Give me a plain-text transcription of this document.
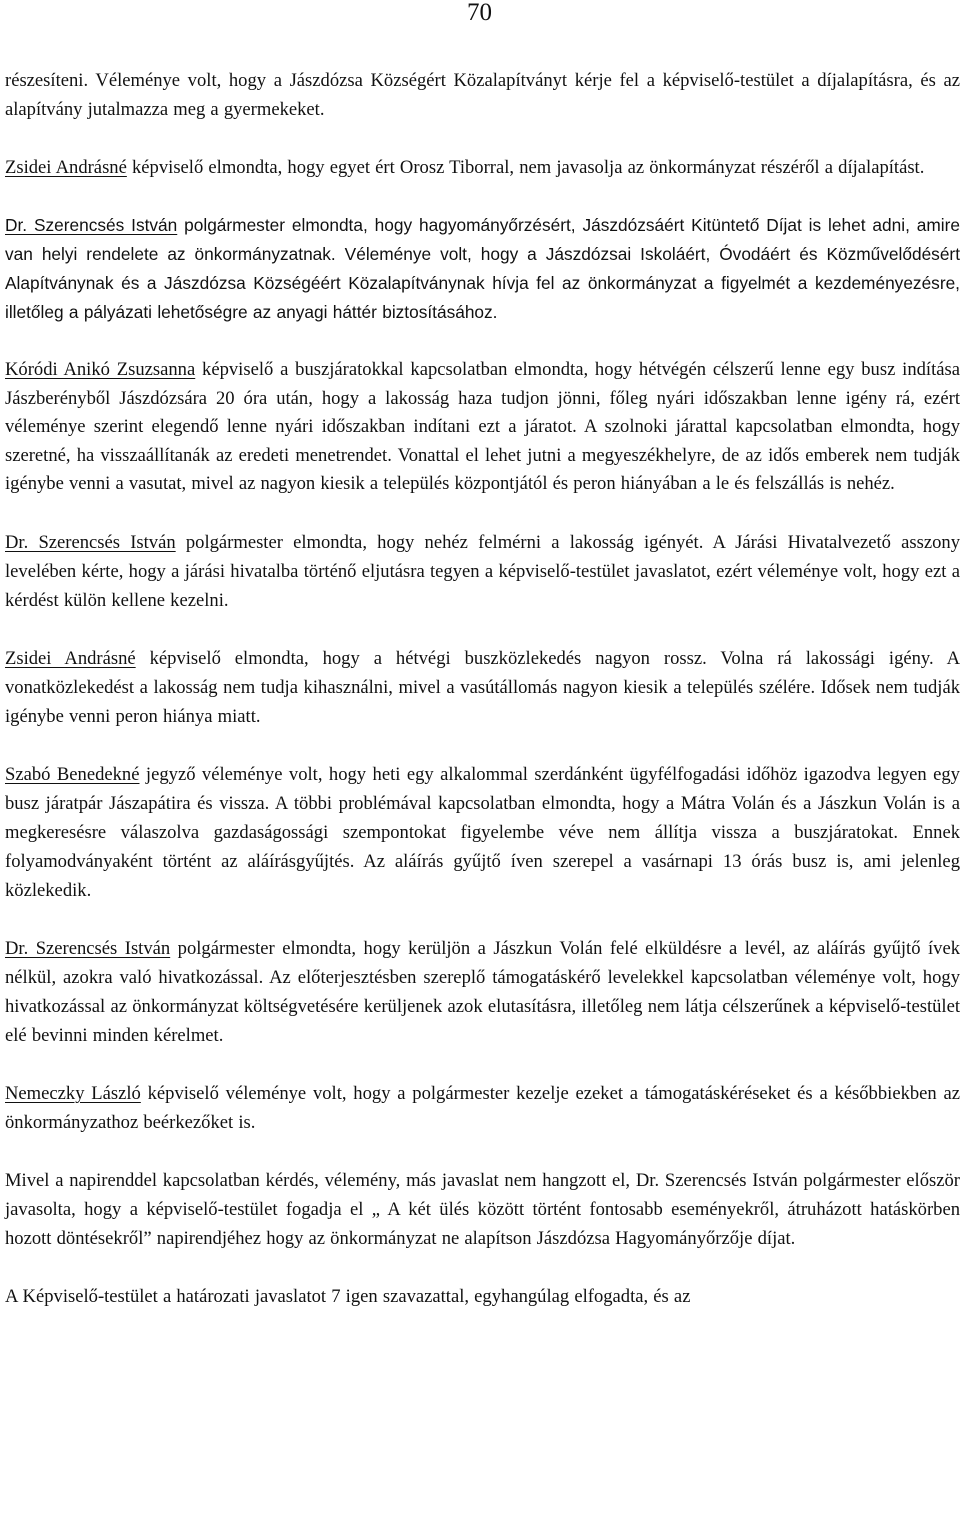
70

részesíteni. Véleménye volt, hogy a Jászdózsa Községért Közalapítványt kérje fel a képviselő-testület a díjalapításra, és az alapítvány jutalmazza meg a gyermekeket.

Zsidei Andrásné képviselő elmondta, hogy egyet ért Orosz Tiborral, nem javasolja az önkormányzat részéről a díjalapítást.

Dr. Szerencsés István polgármester elmondta, hogy hagyományőrzésért, Jászdózsáért Kitüntető Díjat is lehet adni, amire van helyi rendelete az önkormányzatnak. Véleménye volt, hogy a Jászdózsai Iskoláért, Óvodáért és Közművelődésért Alapítványnak és a Jászdózsa Községéért Közalapítványnak hívja fel az önkormányzat a figyelmét a kezdeményezésre, illetőleg a pályázati lehetőségre az anyagi háttér biztosításához.

Kóródi Anikó Zsuzsanna képviselő a buszjáratokkal kapcsolatban elmondta, hogy hétvégén célszerű lenne egy busz indítása Jászberényből Jászdózsára 20 óra után, hogy a lakosság haza tudjon jönni, főleg nyári időszakban lenne igény rá, ezért véleménye szerint elegendő lenne nyári időszakban indítani ezt a járatot. A szolnoki járattal kapcsolatban elmondta, hogy szeretné, ha visszaállítanák az eredeti menetrendet. Vonattal el lehet jutni a megyeszékhelyre, de az idős emberek nem tudják igénybe venni a vasutat, mivel az nagyon kiesik a település központjától és peron hiányában a le és felszállás is nehéz.

Dr. Szerencsés István polgármester elmondta, hogy nehéz felmérni a lakosság igényét. A Járási Hivatalvezető asszony levelében kérte, hogy a járási hivatalba történő eljutásra tegyen a képviselő-testület javaslatot, ezért véleménye volt, hogy ezt a kérdést külön kellene kezelni.

Zsidei Andrásné képviselő elmondta, hogy a hétvégi buszközlekedés nagyon rossz. Volna rá lakossági igény. A vonatközlekedést a lakosság nem tudja kihasználni, mivel a vasútállomás nagyon kiesik a település szélére. Idősek nem tudják igénybe venni peron hiánya miatt.

Szabó Benedekné jegyző véleménye volt, hogy heti egy alkalommal szerdánként ügyfélfogadási időhöz igazodva legyen egy busz járatpár Jászapátira és vissza. A többi problémával kapcsolatban elmondta, hogy a Mátra Volán és a Jászkun Volán is a megkeresésre válaszolva gazdaságossági szempontokat figyelembe véve nem állítja vissza a buszjáratokat. Ennek folyamodványaként történt az aláírásgyűjtés. Az aláírás gyűjtő íven szerepel a vasárnapi 13 órás busz is, ami jelenleg közlekedik.

Dr. Szerencsés István polgármester elmondta, hogy kerüljön a Jászkun Volán felé elküldésre a levél, az aláírás gyűjtő ívek nélkül, azokra való hivatkozással. Az előterjesztésben szereplő támogatáskérő levelekkel kapcsolatban véleménye volt, hogy hivatkozással az önkormányzat költségvetésére kerüljenek azok elutasításra, illetőleg nem látja célszerűnek a képviselő-testület elé bevinni minden kérelmet.

Nemeczky László képviselő véleménye volt, hogy a polgármester kezelje ezeket a támogatáskéréseket és a későbbiekben az önkormányzathoz beérkezőket is.

Mivel a napirenddel kapcsolatban kérdés, vélemény, más javaslat nem hangzott el, Dr. Szerencsés István polgármester először javasolta, hogy a képviselő-testület fogadja el „ A két ülés között történt fontosabb eseményekről, átruházott hatáskörben hozott döntésekről” napirendjéhez hogy az önkormányzat ne alapítson Jászdózsa Hagyományőrzője díjat.

A Képviselő-testület a határozati javaslatot 7 igen szavazattal, egyhangúlag elfogadta, és az
